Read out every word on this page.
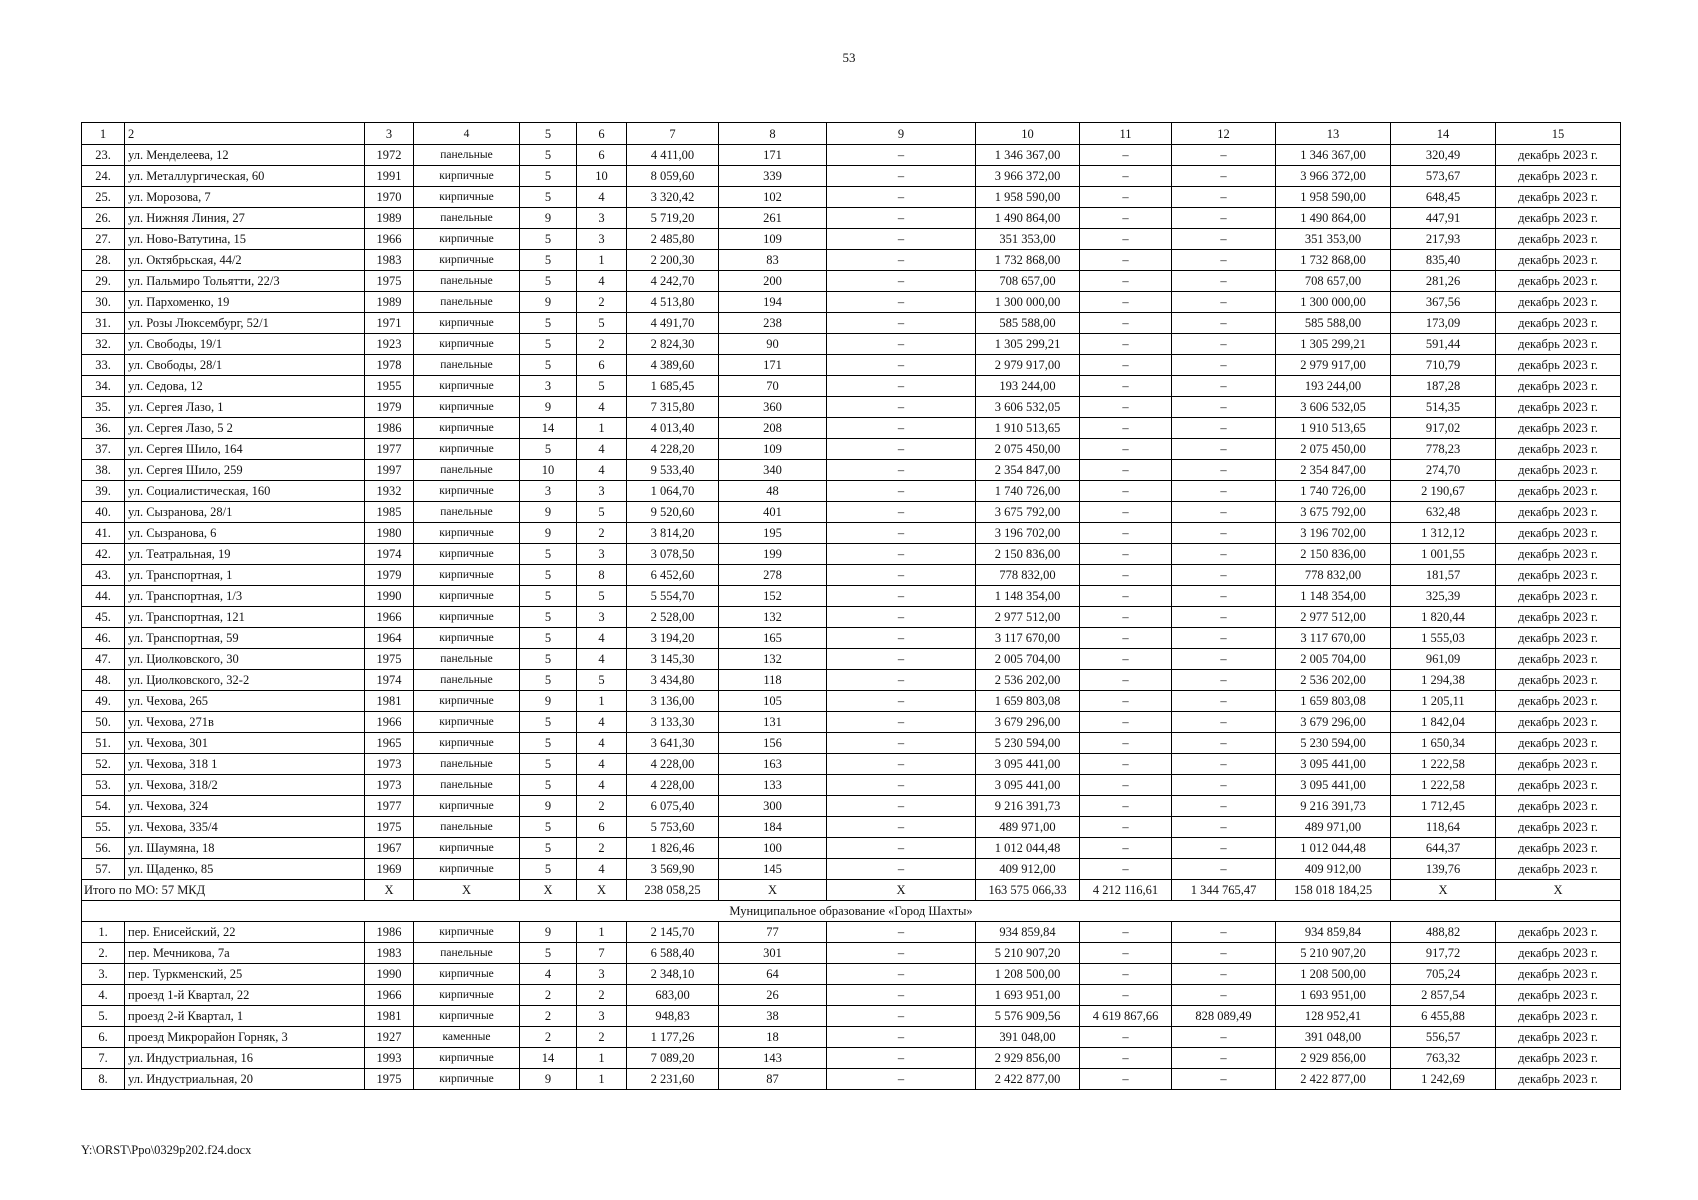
53
1	2	3	4	5	6	7	8	9	10	11	12	13	14	15
23.	ул. Менделеева, 12	1972	панельные	5	6	4 411,00	171	–	1 346 367,00	–	–	1 346 367,00	320,49	декабрь 2023 г.
24.	ул. Металлургическая, 60	1991	кирпичные	5	10	8 059,60	339	–	3 966 372,00	–	–	3 966 372,00	573,67	декабрь 2023 г.
25.	ул. Морозова, 7	1970	кирпичные	5	4	3 320,42	102	–	1 958 590,00	–	–	1 958 590,00	648,45	декабрь 2023 г.
26.	ул. Нижняя Линия, 27	1989	панельные	9	3	5 719,20	261	–	1 490 864,00	–	–	1 490 864,00	447,91	декабрь 2023 г.
27.	ул. Ново-Ватутина, 15	1966	кирпичные	5	3	2 485,80	109	–	351 353,00	–	–	351 353,00	217,93	декабрь 2023 г.
28.	ул. Октябрьская, 44/2	1983	кирпичные	5	1	2 200,30	83	–	1 732 868,00	–	–	1 732 868,00	835,40	декабрь 2023 г.
29.	ул. Пальмиро Тольятти, 22/3	1975	панельные	5	4	4 242,70	200	–	708 657,00	–	–	708 657,00	281,26	декабрь 2023 г.
30.	ул. Пархоменко, 19	1989	панельные	9	2	4 513,80	194	–	1 300 000,00	–	–	1 300 000,00	367,56	декабрь 2023 г.
31.	ул. Розы Люксембург, 52/1	1971	кирпичные	5	5	4 491,70	238	–	585 588,00	–	–	585 588,00	173,09	декабрь 2023 г.
32.	ул. Свободы, 19/1	1923	кирпичные	5	2	2 824,30	90	–	1 305 299,21	–	–	1 305 299,21	591,44	декабрь 2023 г.
33.	ул. Свободы, 28/1	1978	панельные	5	6	4 389,60	171	–	2 979 917,00	–	–	2 979 917,00	710,79	декабрь 2023 г.
34.	ул. Седова, 12	1955	кирпичные	3	5	1 685,45	70	–	193 244,00	–	–	193 244,00	187,28	декабрь 2023 г.
35.	ул. Сергея Лазо, 1	1979	кирпичные	9	4	7 315,80	360	–	3 606 532,05	–	–	3 606 532,05	514,35	декабрь 2023 г.
36.	ул. Сергея Лазо, 5 2	1986	кирпичные	14	1	4 013,40	208	–	1 910 513,65	–	–	1 910 513,65	917,02	декабрь 2023 г.
37.	ул. Сергея Шило, 164	1977	кирпичные	5	4	4 228,20	109	–	2 075 450,00	–	–	2 075 450,00	778,23	декабрь 2023 г.
38.	ул. Сергея Шило, 259	1997	панельные	10	4	9 533,40	340	–	2 354 847,00	–	–	2 354 847,00	274,70	декабрь 2023 г.
39.	ул. Социалистическая, 160	1932	кирпичные	3	3	1 064,70	48	–	1 740 726,00	–	–	1 740 726,00	2 190,67	декабрь 2023 г.
40.	ул. Сызранова, 28/1	1985	панельные	9	5	9 520,60	401	–	3 675 792,00	–	–	3 675 792,00	632,48	декабрь 2023 г.
41.	ул. Сызранова, 6	1980	кирпичные	9	2	3 814,20	195	–	3 196 702,00	–	–	3 196 702,00	1 312,12	декабрь 2023 г.
42.	ул. Театральная, 19	1974	кирпичные	5	3	3 078,50	199	–	2 150 836,00	–	–	2 150 836,00	1 001,55	декабрь 2023 г.
43.	ул. Транспортная, 1	1979	кирпичные	5	8	6 452,60	278	–	778 832,00	–	–	778 832,00	181,57	декабрь 2023 г.
44.	ул. Транспортная, 1/3	1990	кирпичные	5	5	5 554,70	152	–	1 148 354,00	–	–	1 148 354,00	325,39	декабрь 2023 г.
45.	ул. Транспортная, 121	1966	кирпичные	5	3	2 528,00	132	–	2 977 512,00	–	–	2 977 512,00	1 820,44	декабрь 2023 г.
46.	ул. Транспортная, 59	1964	кирпичные	5	4	3 194,20	165	–	3 117 670,00	–	–	3 117 670,00	1 555,03	декабрь 2023 г.
47.	ул. Циолковского, 30	1975	панельные	5	4	3 145,30	132	–	2 005 704,00	–	–	2 005 704,00	961,09	декабрь 2023 г.
48.	ул. Циолковского, 32-2	1974	панельные	5	5	3 434,80	118	–	2 536 202,00	–	–	2 536 202,00	1 294,38	декабрь 2023 г.
49.	ул. Чехова, 265	1981	кирпичные	9	1	3 136,00	105	–	1 659 803,08	–	–	1 659 803,08	1 205,11	декабрь 2023 г.
50.	ул. Чехова, 271в	1966	кирпичные	5	4	3 133,30	131	–	3 679 296,00	–	–	3 679 296,00	1 842,04	декабрь 2023 г.
51.	ул. Чехова, 301	1965	кирпичные	5	4	3 641,30	156	–	5 230 594,00	–	–	5 230 594,00	1 650,34	декабрь 2023 г.
52.	ул. Чехова, 318 1	1973	панельные	5	4	4 228,00	163	–	3 095 441,00	–	–	3 095 441,00	1 222,58	декабрь 2023 г.
53.	ул. Чехова, 318/2	1973	панельные	5	4	4 228,00	133	–	3 095 441,00	–	–	3 095 441,00	1 222,58	декабрь 2023 г.
54.	ул. Чехова, 324	1977	кирпичные	9	2	6 075,40	300	–	9 216 391,73	–	–	9 216 391,73	1 712,45	декабрь 2023 г.
55.	ул. Чехова, 335/4	1975	панельные	5	6	5 753,60	184	–	489 971,00	–	–	489 971,00	118,64	декабрь 2023 г.
56.	ул. Шаумяна, 18	1967	кирпичные	5	2	1 826,46	100	–	1 012 044,48	–	–	1 012 044,48	644,37	декабрь 2023 г.
57.	ул. Щаденко, 85	1969	кирпичные	5	4	3 569,90	145	–	409 912,00	–	–	409 912,00	139,76	декабрь 2023 г.
Итого по МО: 57 МКД		X	X	X	X	238 058,25	X	X	163 575 066,33	4 212 116,61	1 344 765,47	158 018 184,25	X	X
Муниципальное образование «Город Шахты»														
1.	пер. Енисейский, 22	1986	кирпичные	9	1	2 145,70	77	–	934 859,84	–	–	934 859,84	488,82	декабрь 2023 г.
2.	пер. Мечникова, 7а	1983	панельные	5	7	6 588,40	301	–	5 210 907,20	–	–	5 210 907,20	917,72	декабрь 2023 г.
3.	пер. Туркменский, 25	1990	кирпичные	4	3	2 348,10	64	–	1 208 500,00	–	–	1 208 500,00	705,24	декабрь 2023 г.
4.	проезд 1-й Квартал, 22	1966	кирпичные	2	2	683,00	26	–	1 693 951,00	–	–	1 693 951,00	2 857,54	декабрь 2023 г.
5.	проезд 2-й Квартал, 1	1981	кирпичные	2	3	948,83	38	–	5 576 909,56	4 619 867,66	828 089,49	128 952,41	6 455,88	декабрь 2023 г.
6.	проезд Микрорайон Горняк, 3	1927	каменные	2	2	1 177,26	18	–	391 048,00	–	–	391 048,00	556,57	декабрь 2023 г.
7.	ул. Индустриальная, 16	1993	кирпичные	14	1	7 089,20	143	–	2 929 856,00	–	–	2 929 856,00	763,32	декабрь 2023 г.
8.	ул. Индустриальная, 20	1975	кирпичные	9	1	2 231,60	87	–	2 422 877,00	–	–	2 422 877,00	1 242,69	декабрь 2023 г.
Y:\ORST\Ppo\0329p202.f24.docx
